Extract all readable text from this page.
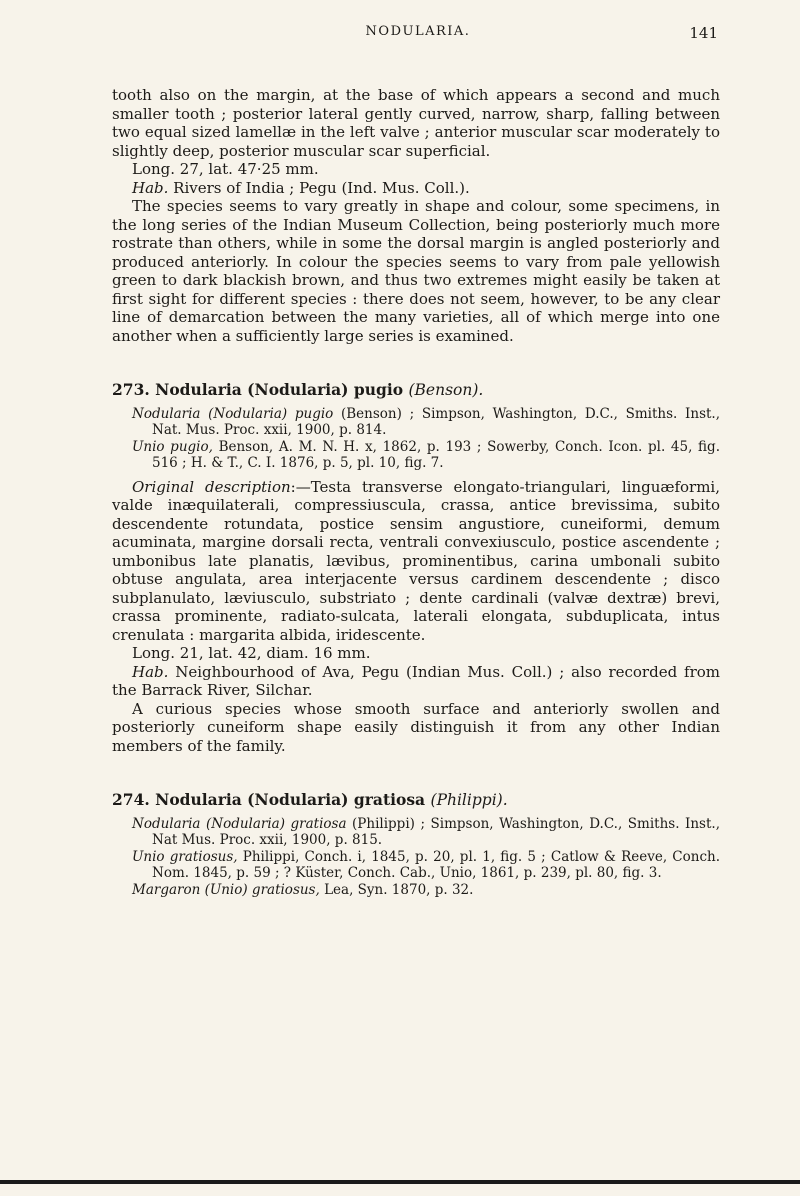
NODULARIA.	141

tooth also on the margin, at the base of which appears a second and much smaller tooth ; posterior lateral gently curved, narrow, sharp, falling between two equal sized lamellæ in the left valve ; anterior muscular scar moderately to slightly deep, posterior muscular scar superficial.

Long. 27, lat. 47·25 mm.

Hab. Rivers of India ; Pegu (Ind. Mus. Coll.).

The species seems to vary greatly in shape and colour, some specimens, in the long series of the Indian Museum Collection, being posteriorly much more rostrate than others, while in some the dorsal margin is angled posteriorly and produced anteriorly. In colour the species seems to vary from pale yellowish green to dark blackish brown, and thus two extremes might easily be taken at first sight for different species : there does not seem, however, to be any clear line of demarcation between the many varieties, all of which merge into one another when a sufficiently large series is examined.

273. Nodularia (Nodularia) pugio (Benson).

Nodularia (Nodularia) pugio (Benson) ; Simpson, Washington, D.C., Smiths. Inst., Nat. Mus. Proc. xxii, 1900, p. 814.

Unio pugio, Benson, A. M. N. H. x, 1862, p. 193 ; Sowerby, Conch. Icon. pl. 45, fig. 516 ; H. & T., C. I. 1876, p. 5, pl. 10, fig. 7.

Original description:—Testa transverse elongato-triangulari, linguæformi, valde inæquilaterali, compressiuscula, crassa, antice brevissima, subito descendente rotundata, postice sensim angustiore, cuneiformi, demum acuminata, margine dorsali recta, ventrali convexiusculo, postice ascendente ; umbonibus late planatis, lævibus, prominentibus, carina umbonali subito obtuse angulata, area interjacente versus cardinem descendente ; disco subplanulato, læviusculo, substriato ; dente cardinali (valvæ dextræ) brevi, crassa prominente, radiato-sulcata, laterali elongata, subduplicata, intus crenulata : margarita albida, iridescente.

Long. 21, lat. 42, diam. 16 mm.

Hab. Neighbourhood of Ava, Pegu (Indian Mus. Coll.) ; also recorded from the Barrack River, Silchar.

A curious species whose smooth surface and anteriorly swollen and posteriorly cuneiform shape easily distinguish it from any other Indian members of the family.

274. Nodularia (Nodularia) gratiosa (Philippi).

Nodularia (Nodularia) gratiosa (Philippi) ; Simpson, Washington, D.C., Smiths. Inst., Nat Mus. Proc. xxii, 1900, p. 815.

Unio gratiosus, Philippi, Conch. i, 1845, p. 20, pl. 1, fig. 5 ; Catlow & Reeve, Conch. Nom. 1845, p. 59 ; ? Küster, Conch. Cab., Unio, 1861, p. 239, pl. 80, fig. 3.

Margaron (Unio) gratiosus, Lea, Syn. 1870, p. 32.
